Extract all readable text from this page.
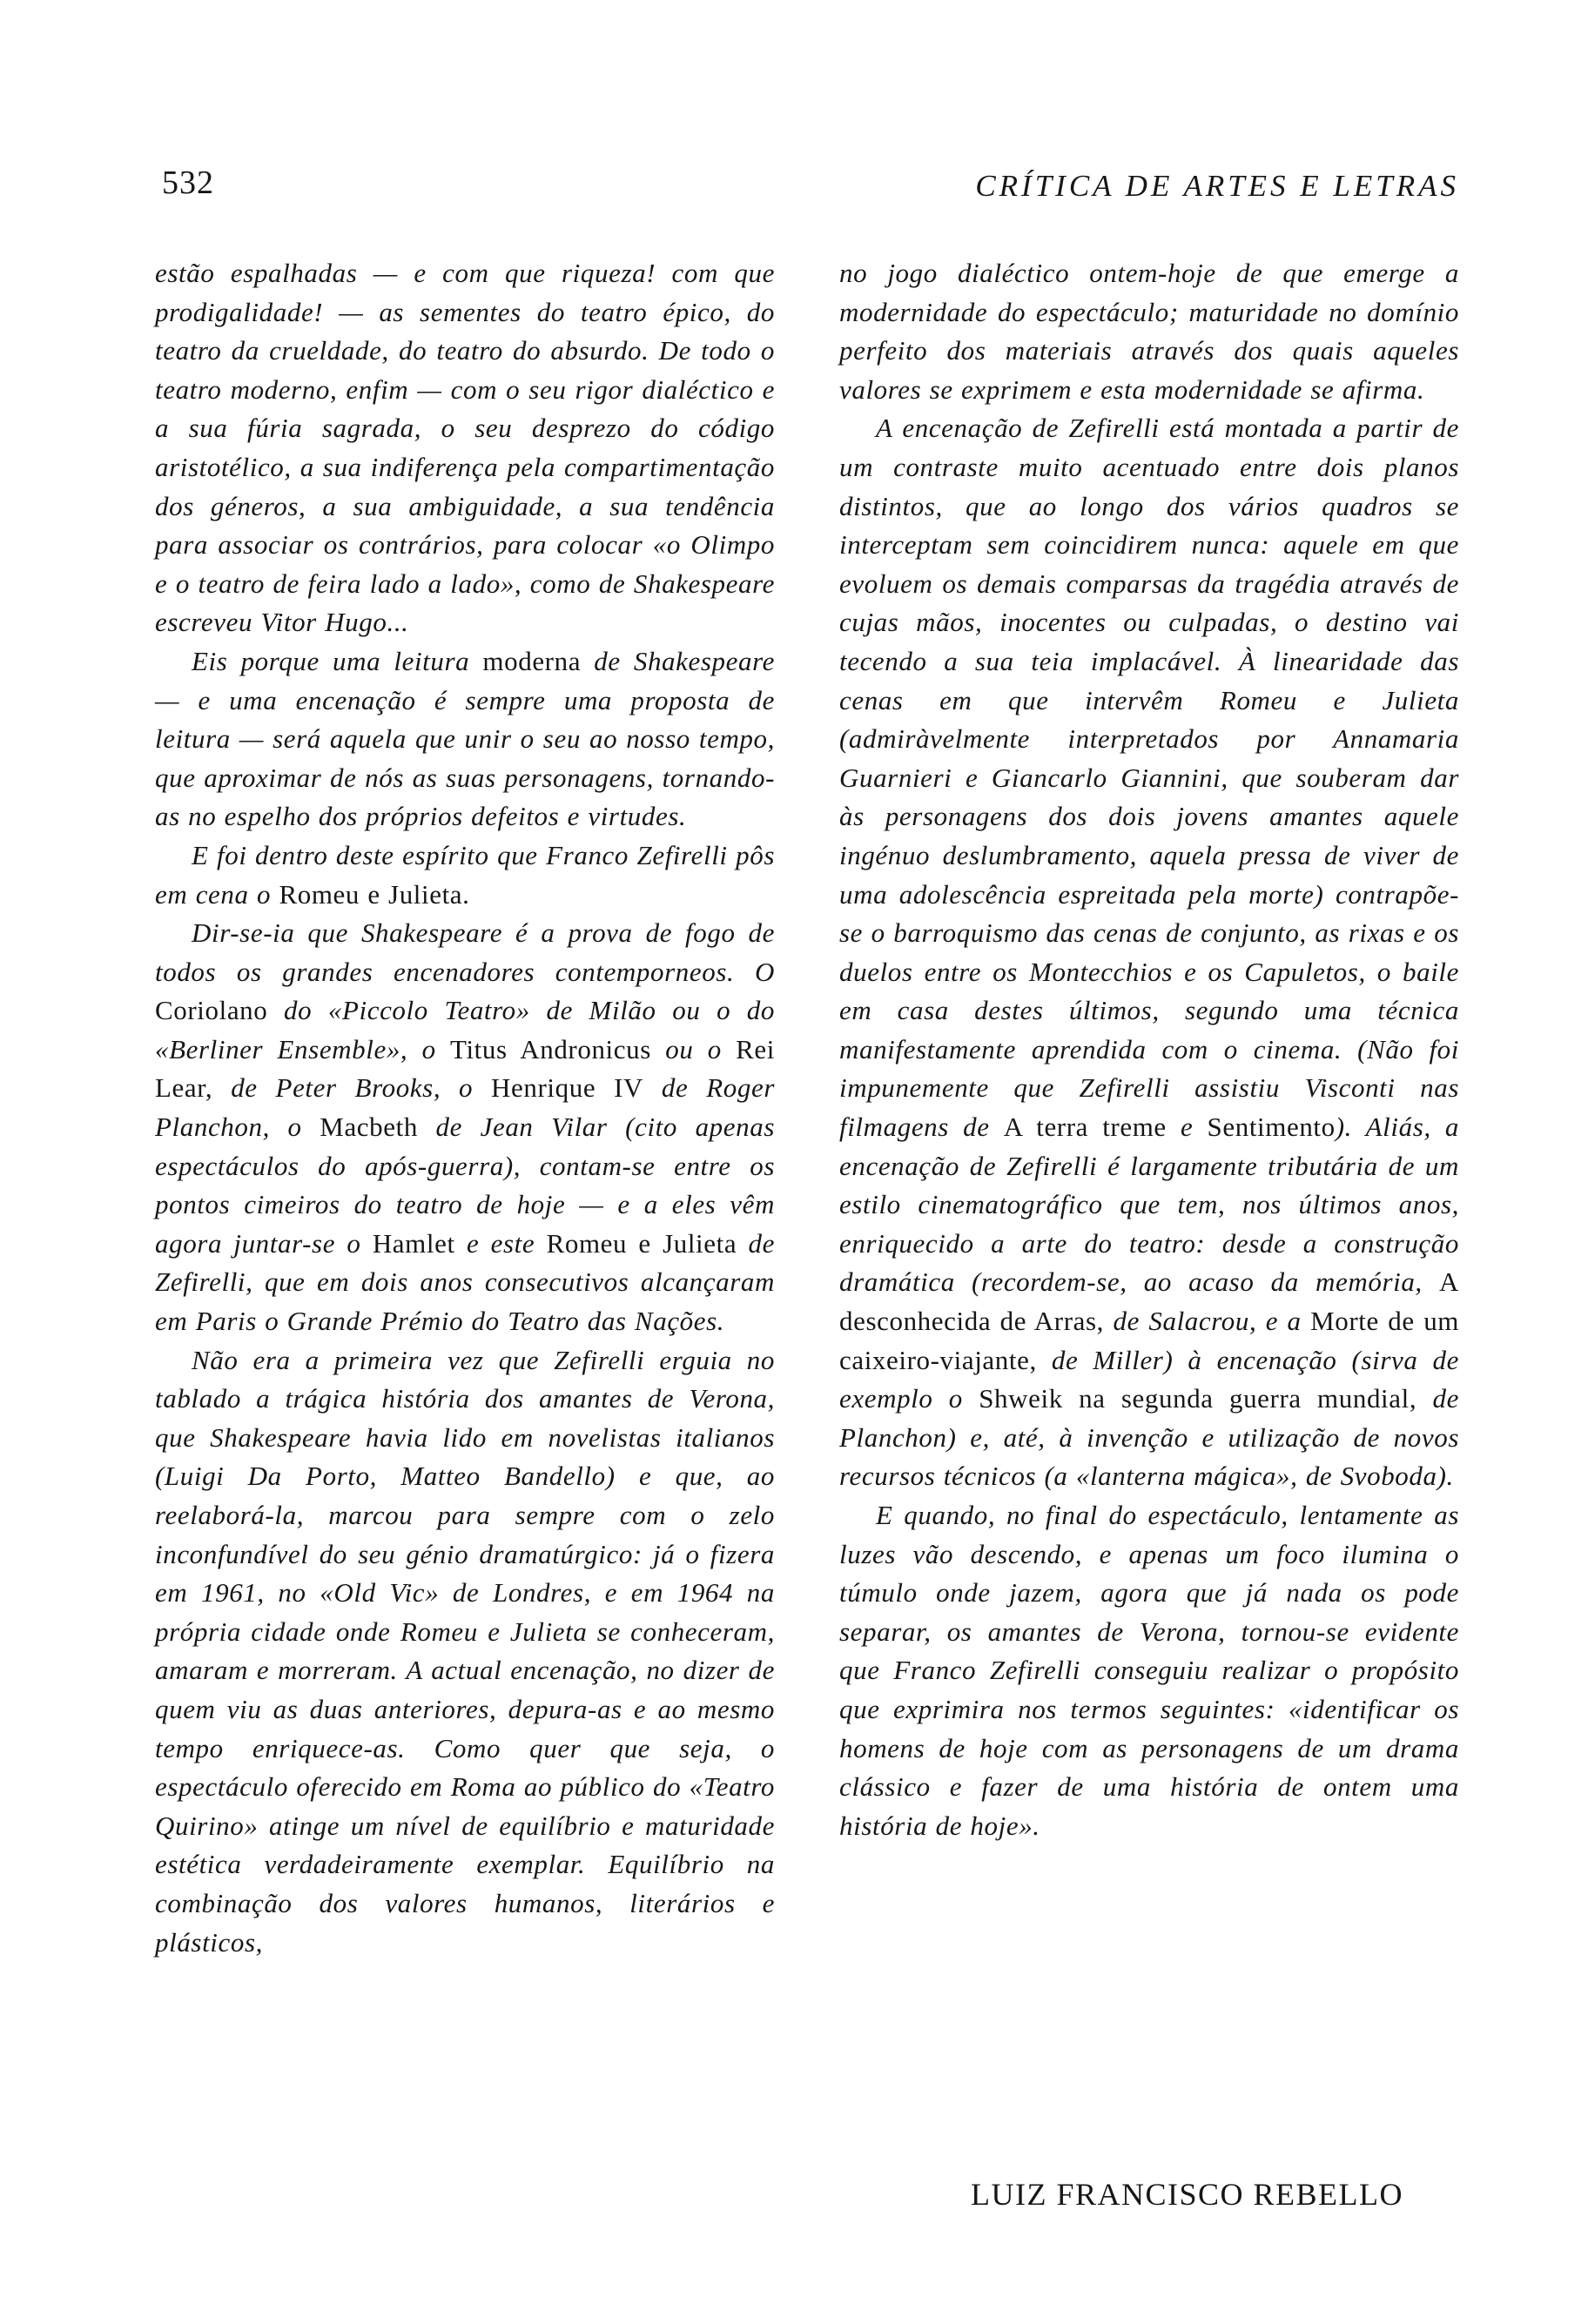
532	CRÍTICA DE ARTES E LETRAS

estão espalhadas — e com que riqueza! com que prodigalidade! — as sementes do teatro épico, do teatro da crueldade, do teatro do absurdo. De todo o teatro moderno, enfim — com o seu rigor dialéctico e a sua fúria sagrada, o seu desprezo do código aristotélico, a sua indiferença pela compartimentação dos géneros, a sua ambiguidade, a sua tendência para associar os contrários, para colocar «o Olimpo e o teatro de feira lado a lado», como de Shakespeare escreveu Vitor Hugo...

Eis porque uma leitura moderna de Shakespeare — e uma encenação é sempre uma proposta de leitura — será aquela que unir o seu ao nosso tempo, que aproximar de nós as suas personagens, tornando-as no espelho dos próprios defeitos e virtudes.

E foi dentro deste espírito que Franco Zefirelli pôs em cena o Romeu e Julieta.

Dir-se-ia que Shakespeare é a prova de fogo de todos os grandes encenadores contemporneos. O Coriolano do «Piccolo Teatro» de Milão ou o do «Berliner Ensemble», o Titus Andronicus ou o Rei Lear, de Peter Brooks, o Henrique IV de Roger Planchon, o Macbeth de Jean Vilar (cito apenas espectáculos do após-guerra), contam-se entre os pontos cimeiros do teatro de hoje — e a eles vêm agora juntar-se o Hamlet e este Romeu e Julieta de Zefirelli, que em dois anos consecutivos alcançaram em Paris o Grande Prémio do Teatro das Nações.

Não era a primeira vez que Zefirelli erguia no tablado a trágica história dos amantes de Verona, que Shakespeare havia lido em novelistas italianos (Luigi Da Porto, Matteo Bandello) e que, ao reelaborá-la, marcou para sempre com o zelo inconfundível do seu génio dramatúrgico: já o fizera em 1961, no «Old Vic» de Londres, e em 1964 na própria cidade onde Romeu e Julieta se conheceram, amaram e morreram. A actual encenação, no dizer de quem viu as duas anteriores, depura-as e ao mesmo tempo enriquece-as. Como quer que seja, o espectáculo oferecido em Roma ao público do «Teatro Quirino» atinge um nível de equilíbrio e maturidade estética verdadeiramente exemplar. Equilíbrio na combinação dos valores humanos, literários e plásticos,

no jogo dialéctico ontem-hoje de que emerge a modernidade do espectáculo; maturidade no domínio perfeito dos materiais através dos quais aqueles valores se exprimem e esta modernidade se afirma.

A encenação de Zefirelli está montada a partir de um contraste muito acentuado entre dois planos distintos, que ao longo dos vários quadros se interceptam sem coincidirem nunca: aquele em que evoluem os demais comparsas da tragédia através de cujas mãos, inocentes ou culpadas, o destino vai tecendo a sua teia implacável. À linearidade das cenas em que intervêm Romeu e Julieta (admiràvelmente interpretados por Annamaria Guarnieri e Giancarlo Giannini, que souberam dar às personagens dos dois jovens amantes aquele ingénuo deslumbramento, aquela pressa de viver de uma adolescência espreitada pela morte) contrapõe-se o barroquismo das cenas de conjunto, as rixas e os duelos entre os Montecchios e os Capuletos, o baile em casa destes últimos, segundo uma técnica manifestamente aprendida com o cinema. (Não foi impunemente que Zefirelli assistiu Visconti nas filmagens de A terra treme e Sentimento). Aliás, a encenação de Zefirelli é largamente tributária de um estilo cinematográfico que tem, nos últimos anos, enriquecido a arte do teatro: desde a construção dramática (recordem-se, ao acaso da memória, A desconhecida de Arras, de Salacrou, e a Morte de um caixeiro-viajante, de Miller) à encenação (sirva de exemplo o Shweik na segunda guerra mundial, de Planchon) e, até, à invenção e utilização de novos recursos técnicos (a «lanterna mágica», de Svoboda).

E quando, no final do espectáculo, lentamente as luzes vão descendo, e apenas um foco ilumina o túmulo onde jazem, agora que já nada os pode separar, os amantes de Verona, tornou-se evidente que Franco Zefirelli conseguiu realizar o propósito que exprimira nos termos seguintes: «identificar os homens de hoje com as personagens de um drama clássico e fazer de uma história de ontem uma história de hoje».

LUIZ FRANCISCO REBELLO
